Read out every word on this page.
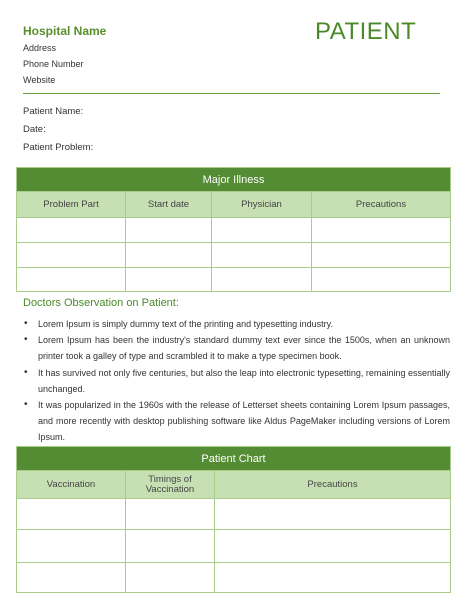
Hospital Name
Address
Phone Number
Website
PATIENT
Patient Name:
Date:
Patient Problem:
Major Illness			
Problem Part	Start date	Physician	Precautions

Doctors Observation on Patient:
• Lorem Ipsum is simply dummy text of the printing and typesetting industry.
• Lorem Ipsum has been the industry's standard dummy text ever since the 1500s, when an unknown printer took a galley of type and scrambled it to make a type specimen book.
• It has survived not only five centuries, but also the leap into electronic typesetting, remaining essentially unchanged.
• It was popularized in the 1960s with the release of Letterset sheets containing Lorem Ipsum passages, and more recently with desktop publishing software like Aldus PageMaker including versions of Lorem Ipsum.
Patient Chart		
Vaccination	Timings of Vaccination	Precautions
